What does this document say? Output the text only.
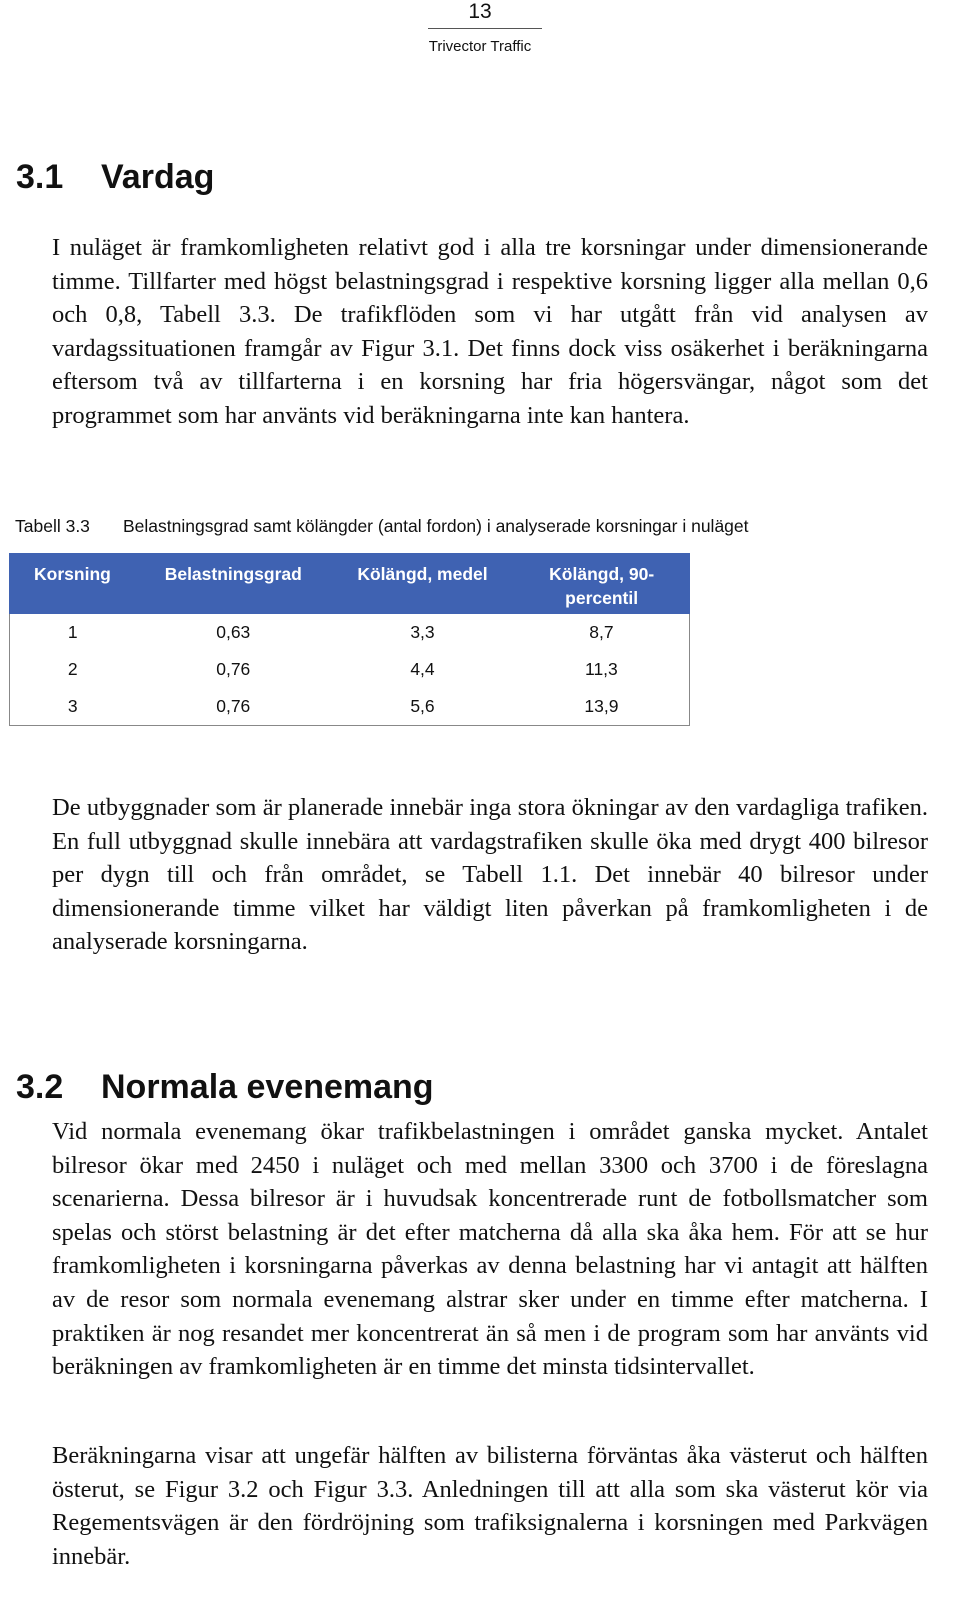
13
Trivector Traffic
3.1 Vardag

I nuläget är framkomligheten relativt god i alla tre korsningar under dimensionerande timme. Tillfarter med högst belastningsgrad i respektive korsning ligger alla mellan 0,6 och 0,8, Tabell 3.3. De trafikflöden som vi har utgått från vid analysen av vardagssituationen framgår av Figur 3.1. Det finns dock viss osäkerhet i beräkningarna eftersom två av tillfarterna i en korsning har fria högersvängar, något som det programmet som har använts vid beräkningarna inte kan hantera.

Tabell 3.3 Belastningsgrad samt kölängder (antal fordon) i analyserade korsningar i nuläget
Korsning	Belastningsgrad	Kölängd, medel	Kölängd, 90-percentil
1	0,63	3,3	8,7
2	0,76	4,4	11,3
3	0,76	5,6	13,9

De utbyggnader som är planerade innebär inga stora ökningar av den vardagliga trafiken. En full utbyggnad skulle innebära att vardagstrafiken skulle öka med drygt 400 bilresor per dygn till och från området, se Tabell 1.1. Det innebär 40 bilresor under dimensionerande timme vilket har väldigt liten påverkan på framkomligheten i de analyserade korsningarna.

3.2 Normala evenemang

Vid normala evenemang ökar trafikbelastningen i området ganska mycket. Antalet bilresor ökar med 2450 i nuläget och med mellan 3300 och 3700 i de föreslagna scenarierna. Dessa bilresor är i huvudsak koncentrerade runt de fotbollsmatcher som spelas och störst belastning är det efter matcherna då alla ska åka hem. För att se hur framkomligheten i korsningarna påverkas av denna belastning har vi antagit att hälften av de resor som normala evenemang alstrar sker under en timme efter matcherna. I praktiken är nog resandet mer koncentrerat än så men i de program som har använts vid beräkningen av framkomligheten är en timme det minsta tidsintervallet.

Beräkningarna visar att ungefär hälften av bilisterna förväntas åka västerut och hälften österut, se Figur 3.2 och Figur 3.3. Anledningen till att alla som ska västerut kör via Regementsvägen är den fördröjning som trafiksignalerna i korsningen med Parkvägen innebär.
